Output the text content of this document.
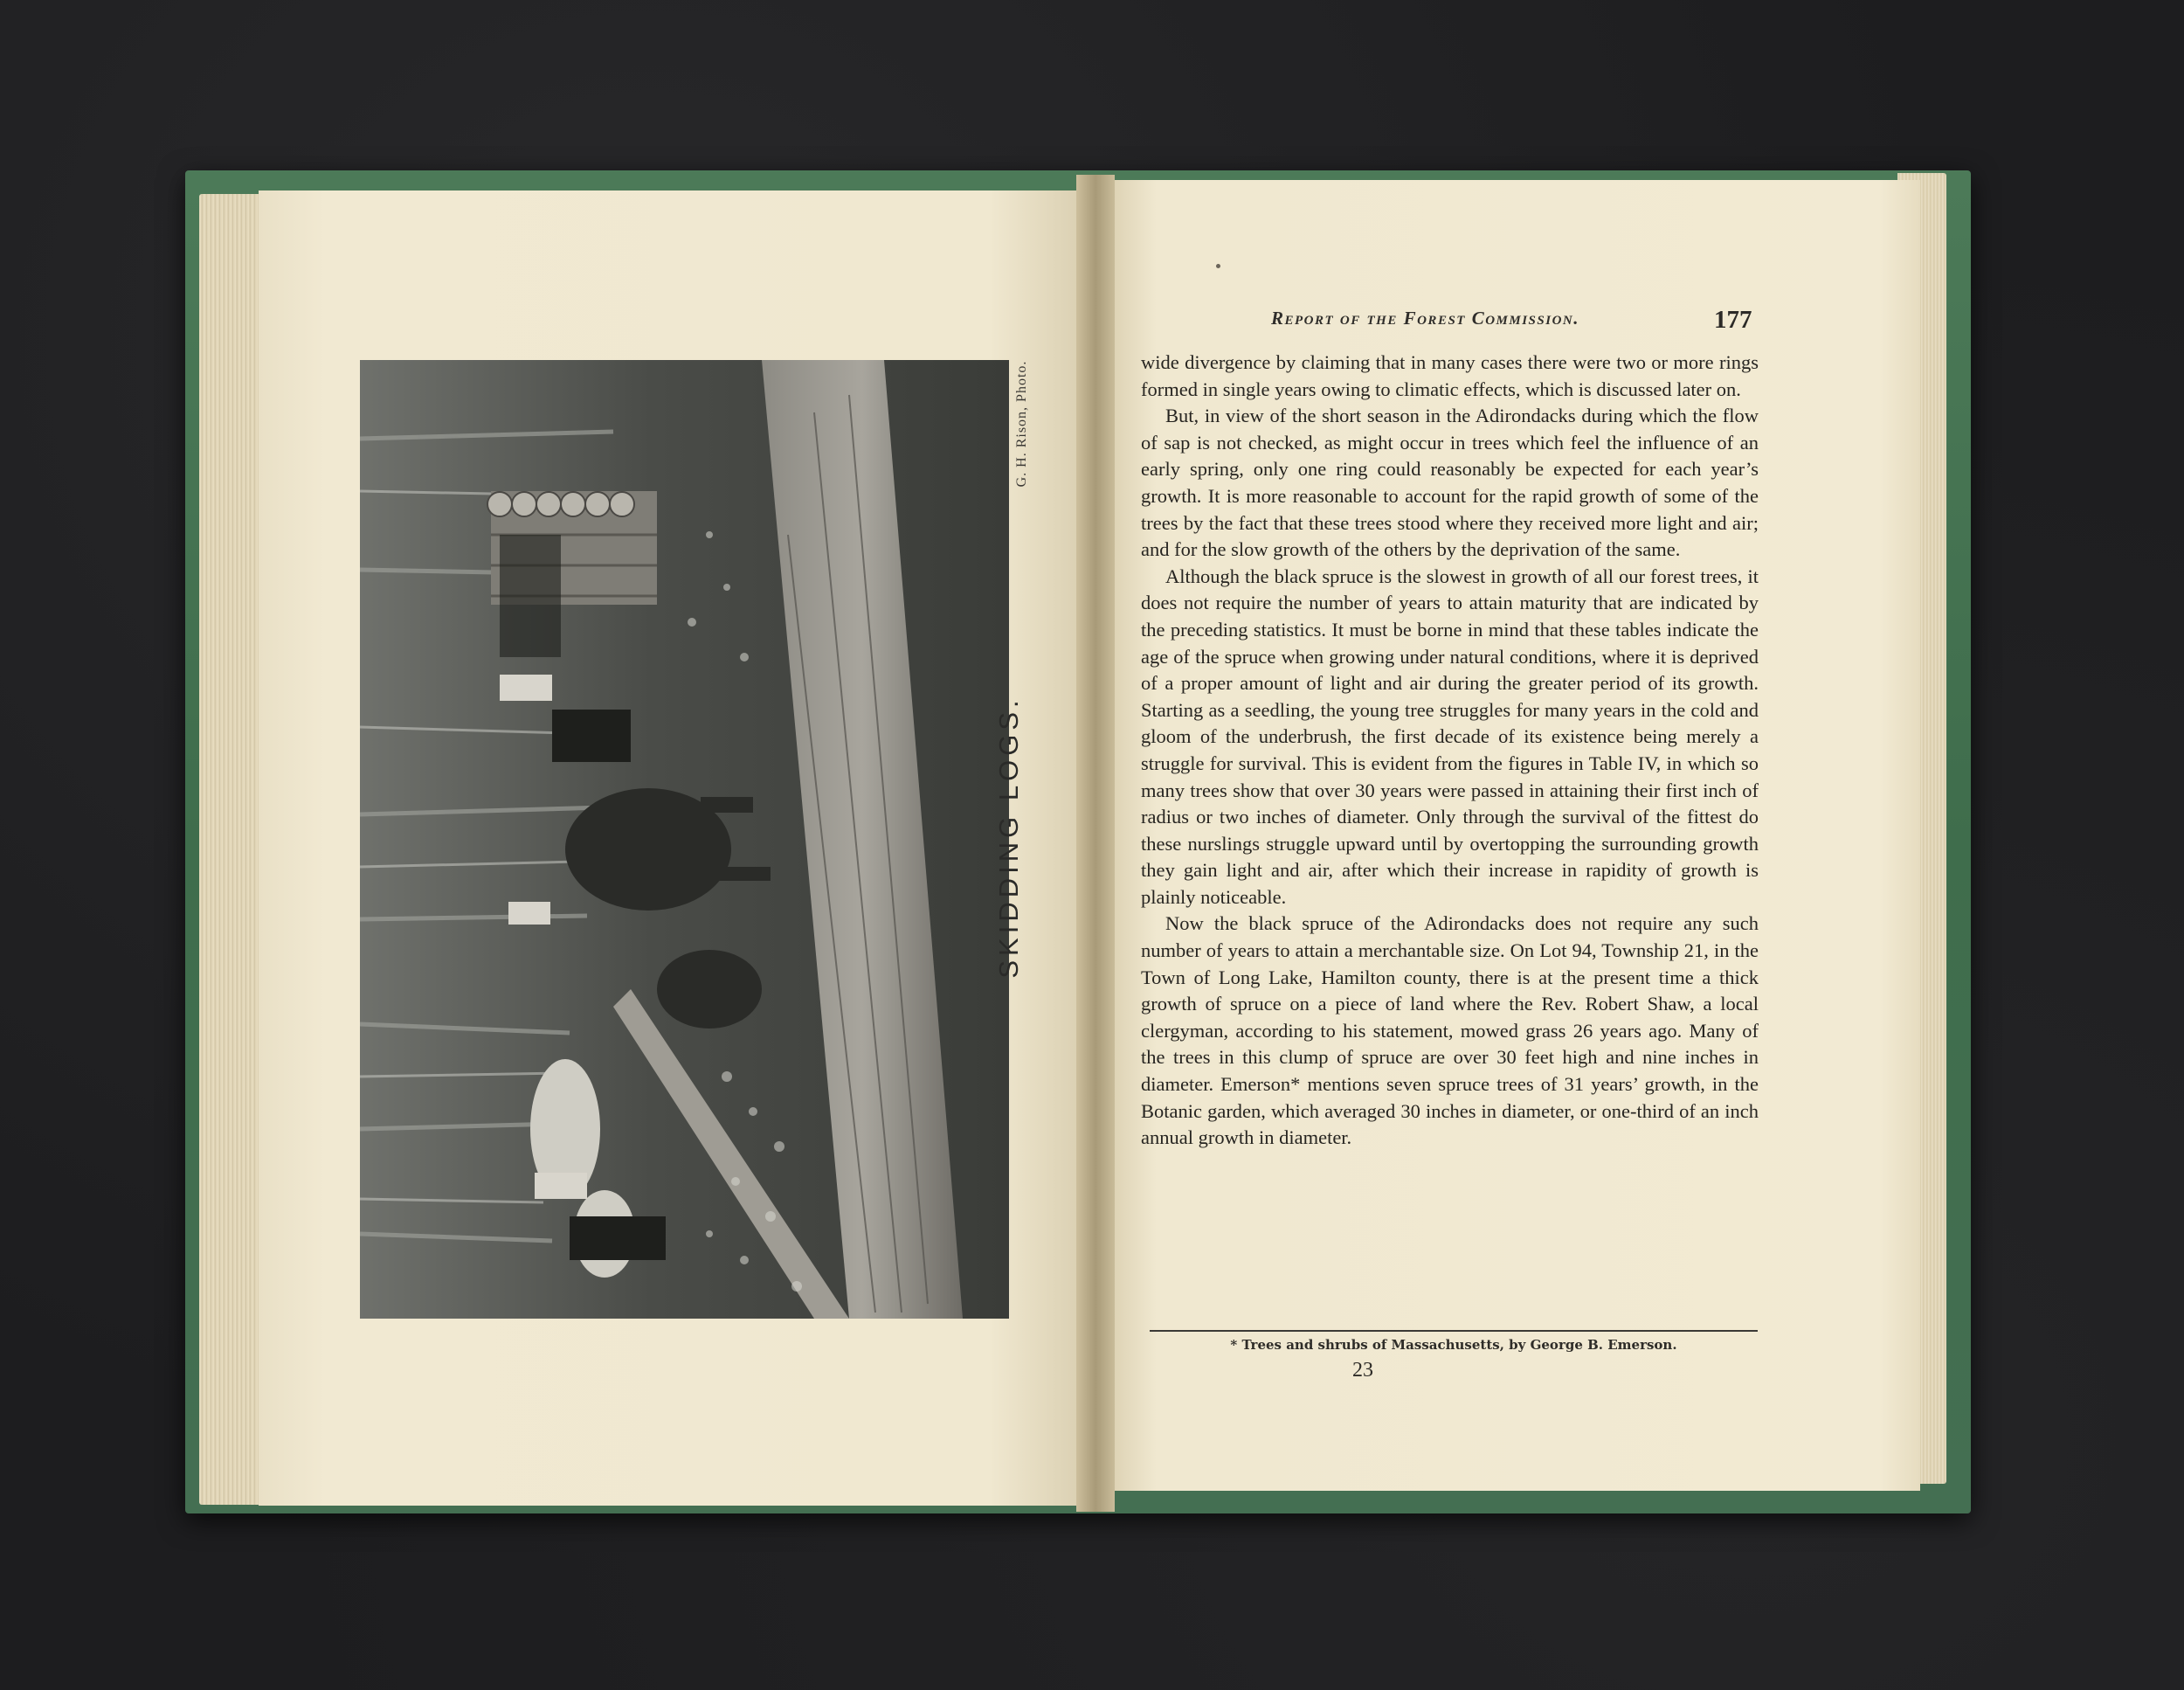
SKIDDING LOGS.
G. H. Rison, Photo.
Report of the Forest Commission.	177

wide divergence by claiming that in many cases there were two or more rings formed in single years owing to climatic effects, which is discussed later on.

But, in view of the short season in the Adirondacks during which the flow of sap is not checked, as might occur in trees which feel the influence of an early spring, only one ring could reasonably be expected for each year’s growth. It is more reasonable to account for the rapid growth of some of the trees by the fact that these trees stood where they received more light and air; and for the slow growth of the others by the deprivation of the same.

Although the black spruce is the slowest in growth of all our forest trees, it does not require the number of years to attain maturity that are indicated by the preceding statistics. It must be borne in mind that these tables indicate the age of the spruce when growing under natural conditions, where it is deprived of a proper amount of light and air during the greater period of its growth. Starting as a seedling, the young tree struggles for many years in the cold and gloom of the underbrush, the first decade of its existence being merely a struggle for survival. This is evident from the figures in Table IV, in which so many trees show that over 30 years were passed in attaining their first inch of radius or two inches of diameter. Only through the survival of the fittest do these nurslings struggle upward until by overtopping the surrounding growth they gain light and air, after which their increase in rapidity of growth is plainly noticeable.

Now the black spruce of the Adirondacks does not require any such number of years to attain a merchantable size. On Lot 94, Township 21, in the Town of Long Lake, Hamilton county, there is at the present time a thick growth of spruce on a piece of land where the Rev. Robert Shaw, a local clergyman, according to his statement, mowed grass 26 years ago. Many of the trees in this clump of spruce are over 30 feet high and nine inches in diameter. Emerson* mentions seven spruce trees of 31 years’ growth, in the Botanic garden, which averaged 30 inches in diameter, or one-third of an inch annual growth in diameter.

* Trees and shrubs of Massachusetts, by George B. Emerson.
23
